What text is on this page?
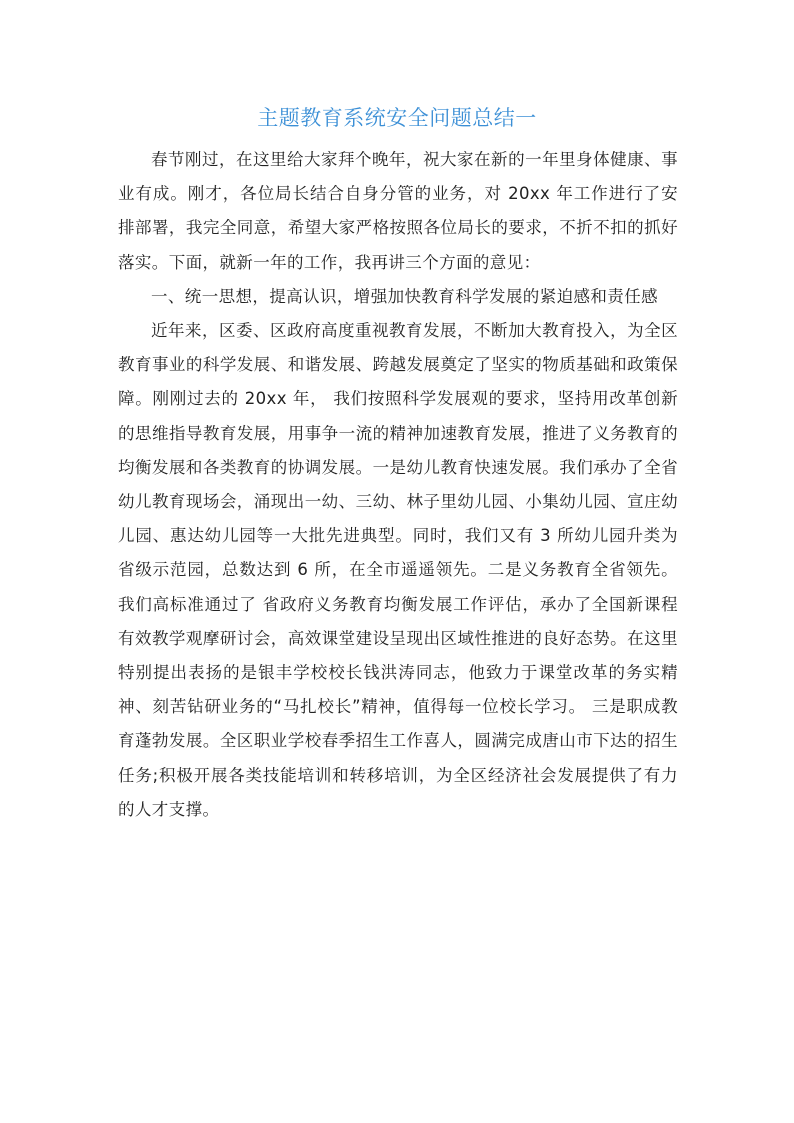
主题教育系统安全问题总结一

春节刚过，在这里给大家拜个晚年，祝大家在新的一年里身体健康、事业有成。刚才，各位局长结合自身分管的业务，对 20xx 年工作进行了安排部署，我完全同意，希望大家严格按照各位局长的要求，不折不扣的抓好落实。下面，就新一年的工作，我再讲三个方面的意见：

一、统一思想，提高认识，增强加快教育科学发展的紧迫感和责任感

近年来，区委、区政府高度重视教育发展，不断加大教育投入，为全区教育事业的科学发展、和谐发展、跨越发展奠定了坚实的物质基础和政策保障。刚刚过去的 20xx 年， 我们按照科学发展观的要求，坚持用改革创新的思维指导教育发展，用事争一流的精神加速教育发展，推进了义务教育的均衡发展和各类教育的协调发展。一是幼儿教育快速发展。我们承办了全省幼儿教育现场会，涌现出一幼、三幼、林子里幼儿园、小集幼儿园、宣庄幼儿园、惠达幼儿园等一大批先进典型。同时，我们又有 3 所幼儿园升类为省级示范园，总数达到 6 所，在全市遥遥领先。二是义务教育全省领先。我们高标准通过了 省政府义务教育均衡发展工作评估，承办了全国新课程有效教学观摩研讨会，高效课堂建设呈现出区域性推进的良好态势。在这里特别提出表扬的是银丰学校校长钱洪涛同志，他致力于课堂改革的务实精神、刻苦钻研业务的“马扎校长”精神，值得每一位校长学习。 三是职成教育蓬勃发展。全区职业学校春季招生工作喜人，圆满完成唐山市下达的招生任务;积极开展各类技能培训和转移培训，为全区经济社会发展提供了有力的人才支撑。
